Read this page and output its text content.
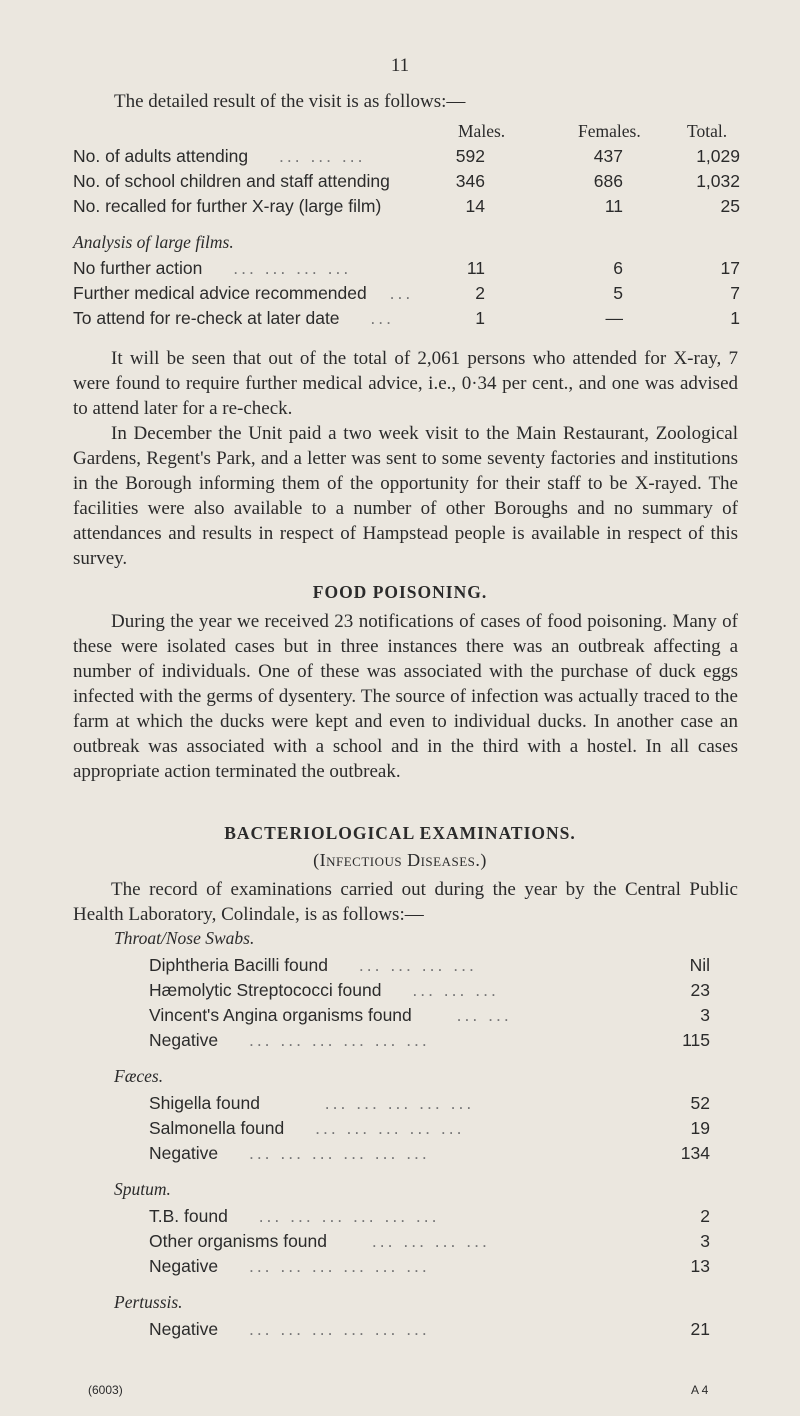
11
The detailed result of the visit is as follows:—
Males.	Females.	Total.
No. of adults attending ... ... ...	592	437	1,029
No. of school children and staff attending	346	686	1,032
No. recalled for further X-ray (large film)	14	11	25
Analysis of large films.
No further action ... ... ... ...	11	6	17
Further medical advice recommended ...	2	5	7
To attend for re-check at later date ...	1	—	1
It will be seen that out of the total of 2,061 persons who attended for X-ray, 7 were found to require further medical advice, i.e., 0·34 per cent., and one was advised to attend later for a re-check.
In December the Unit paid a two week visit to the Main Restaurant, Zoological Gardens, Regent's Park, and a letter was sent to some seventy factories and institutions in the Borough informing them of the opportunity for their staff to be X-rayed. The facilities were also available to a number of other Boroughs and no summary of attendances and results in respect of Hampstead people is available in respect of this survey.
FOOD POISONING.
During the year we received 23 notifications of cases of food poisoning. Many of these were isolated cases but in three instances there was an outbreak affecting a number of individuals. One of these was associated with the purchase of duck eggs infected with the germs of dysentery. The source of infection was actually traced to the farm at which the ducks were kept and even to individual ducks. In another case an outbreak was associated with a school and in the third with a hostel. In all cases appropriate action terminated the outbreak.
BACTERIOLOGICAL EXAMINATIONS.
(Infectious Diseases.)
The record of examinations carried out during the year by the Central Public Health Laboratory, Colindale, is as follows:—
Throat/Nose Swabs.
Diphtheria Bacilli found ... ... ... ...	Nil
Hæmolytic Streptococci found ... ... ...	23
Vincent's Angina organisms found	... ...	3
Negative ... ... ... ... ... ...	115
Fæces.
Shigella found	... ... ... ... ...	52
Salmonella found ... ... ... ... ...	19
Negative ... ... ... ... ... ...	134
Sputum.
T.B. found ... ... ... ... ... ...	2
Other organisms found	... ... ... ...	3
Negative ... ... ... ... ... ...	13
Pertussis.
Negative ... ... ... ... ... ...	21
(6003)	A 4
